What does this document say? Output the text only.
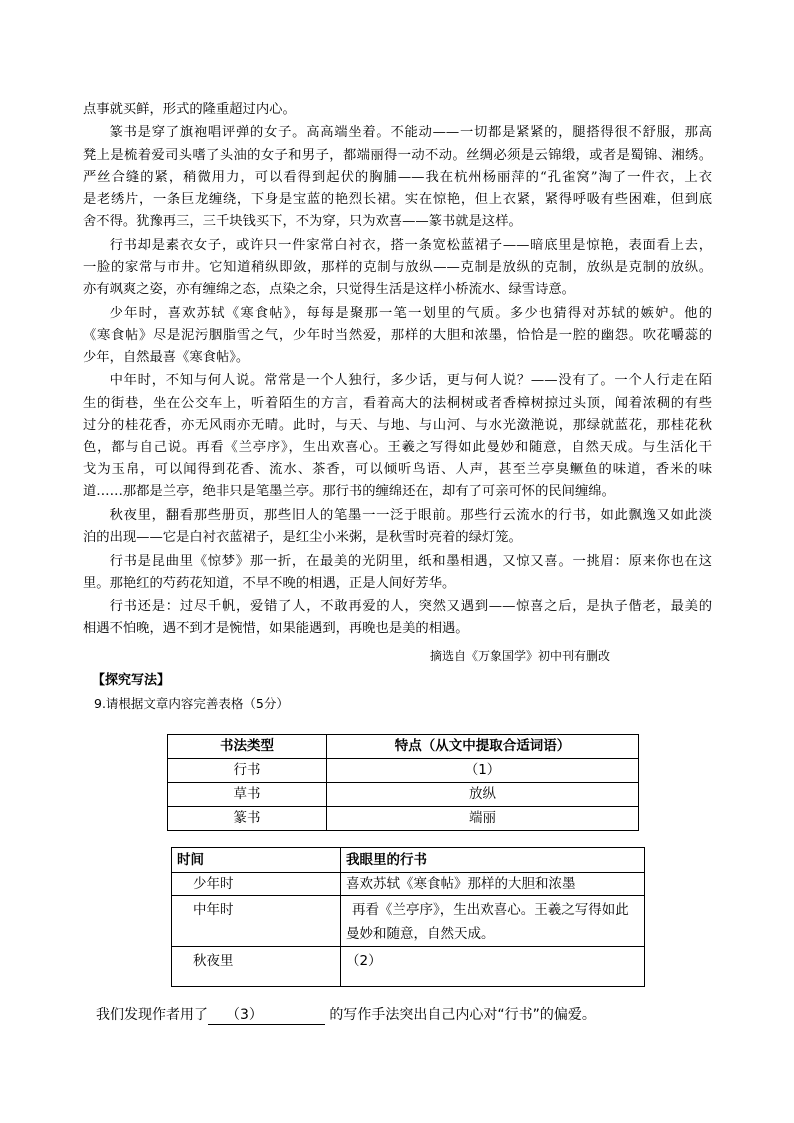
点事就买鲜，形式的隆重超过内心。
篆书是穿了旗袍唱评弹的女子。高高端坐着。不能动——一切都是紧紧的，腿搭得很不舒服，那高
凳上是梳着爱司头嗜了头油的女子和男子，都端丽得一动不动。丝绸必须是云锦缎，或者是蜀锦、湘绣。
严丝合缝的紧，稍微用力，可以看得到起伏的胸脯——我在杭州杨丽萍的“孔雀窝”淘了一件衣，上衣
是老绣片，一条巨龙缠绕，下身是宝蓝的艳烈长裙。实在惊艳，但上衣紧，紧得呼吸有些困难，但到底
舍不得。犹豫再三，三千块钱买下，不为穿，只为欢喜——篆书就是这样。
行书却是素衣女子，或许只一件家常白衬衣，搭一条宽松蓝裙子——暗底里是惊艳，表面看上去，
一脸的家常与市井。它知道稍纵即敛，那样的克制与放纵——克制是放纵的克制，放纵是克制的放纵。
亦有飒爽之姿，亦有缠绵之态，点染之余，只觉得生活是这样小桥流水、绿雪诗意。
少年时，喜欢苏轼《寒食帖》，每每是聚那一笔一划里的气质。多少也猜得对苏轼的嫉妒。他的
《寒食帖》尽是泥污胭脂雪之气，少年时当然爱，那样的大胆和浓墨，恰恰是一腔的幽怨。吹花嚼蕊的
少年，自然最喜《寒食帖》。
中年时，不知与何人说。常常是一个人独行，多少话，更与何人说？——没有了。一个人行走在陌
生的街巷，坐在公交车上，听着陌生的方言，看着高大的法桐树或者香樟树掠过头顶，闻着浓稠的有些
过分的桂花香，亦无风雨亦无晴。此时，与天、与地、与山河、与水光潋滟说，那绿就蓝花，那桂花秋
色，都与自己说。再看《兰亭序》，生出欢喜心。王羲之写得如此曼妙和随意，自然天成。与生活化干
戈为玉帛，可以闻得到花香、流水、茶香，可以倾听鸟语、人声，甚至兰亭臭鳜鱼的味道，香米的味
道……那都是兰亭，绝非只是笔墨兰亭。那行书的缠绵还在，却有了可亲可怀的民间缠绵。
秋夜里，翻看那些册页，那些旧人的笔墨一一泛于眼前。那些行云流水的行书，如此飘逸又如此淡
泊的出现——它是白衬衣蓝裙子，是红尘小米粥，是秋雪时亮着的绿灯笼。
行书是昆曲里《惊梦》那一折，在最美的光阴里，纸和墨相遇，又惊又喜。一挑眉：原来你也在这
里。那艳红的芍药花知道，不早不晚的相遇，正是人间好芳华。
行书还是：过尽千帆，爱错了人，不敢再爱的人，突然又遇到——惊喜之后，是执子偕老，最美的
相遇不怕晚，遇不到才是惋惜，如果能遇到，再晚也是美的相遇。
摘选自《万象国学》初中刊有删改
【探究写法】
9.请根据文章内容完善表格（5分）
书法类型	特点（从文中提取合适词语）
行书	（1）
草书	放纵
篆书	端丽
时间	我眼里的行书
少年时	喜欢苏轼《寒食帖》那样的大胆和浓墨
中年时	再看《兰亭序》，生出欢喜心。王羲之写得如此曼妙和随意，自然天成。
秋夜里	（2）
我们发现作者用了 （3）	的写作手法突出自己内心对“行书”的偏爱。
